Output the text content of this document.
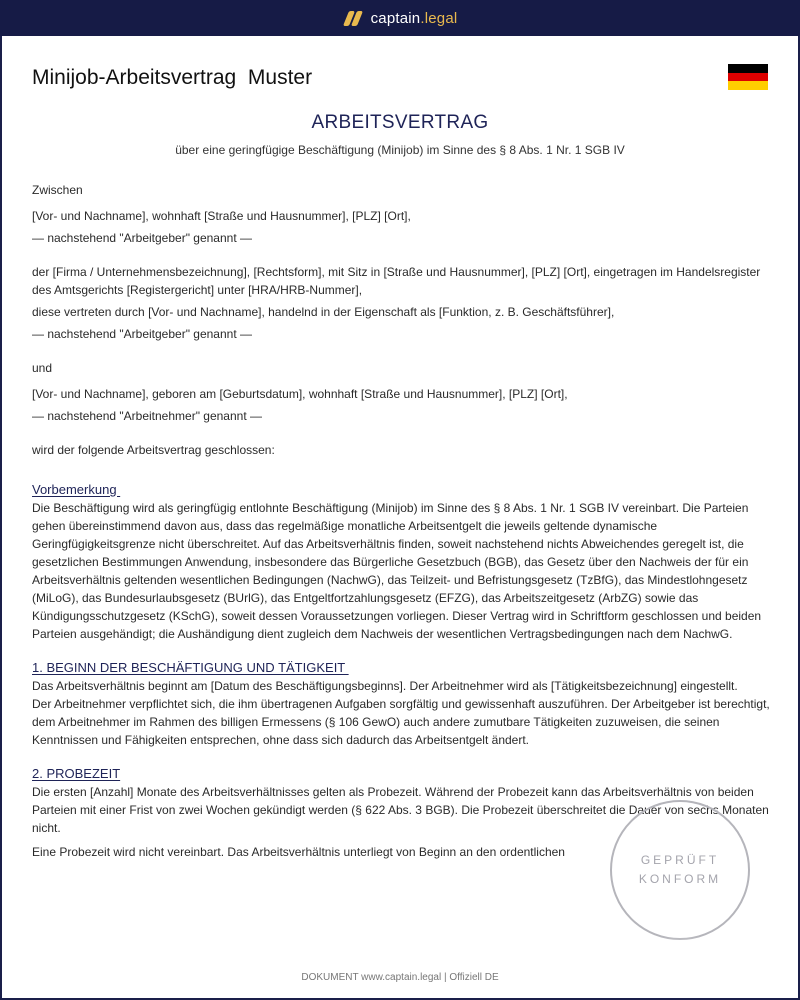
captain.legal
Minijob-Arbeitsvertrag  Muster
ARBEITSVERTRAG
über eine geringfügige Beschäftigung (Minijob) im Sinne des § 8 Abs. 1 Nr. 1 SGB IV

Zwischen

[Vor- und Nachname], wohnhaft [Straße und Hausnummer], [PLZ] [Ort],

— nachstehend "Arbeitgeber" genannt —

der [Firma / Unternehmensbezeichnung], [Rechtsform], mit Sitz in [Straße und Hausnummer], [PLZ] [Ort], eingetragen im Handelsregister des Amtsgerichts [Registergericht] unter [HRA/HRB-Nummer],

diese vertreten durch [Vor- und Nachname], handelnd in der Eigenschaft als [Funktion, z. B. Geschäftsführer],

— nachstehend "Arbeitgeber" genannt —

und

[Vor- und Nachname], geboren am [Geburtsdatum], wohnhaft [Straße und Hausnummer], [PLZ] [Ort],

— nachstehend "Arbeitnehmer" genannt —

wird der folgende Arbeitsvertrag geschlossen:

Vorbemerkung

Die Beschäftigung wird als geringfügig entlohnte Beschäftigung (Minijob) im Sinne des § 8 Abs. 1 Nr. 1 SGB IV vereinbart. Die Parteien gehen übereinstimmend davon aus, dass das regelmäßige monatliche Arbeitsentgelt die jeweils geltende dynamische Geringfügigkeitsgrenze nicht überschreitet. Auf das Arbeitsverhältnis finden, soweit nachstehend nichts Abweichendes geregelt ist, die gesetzlichen Bestimmungen Anwendung, insbesondere das Bürgerliche Gesetzbuch (BGB), das Gesetz über den Nachweis der für ein Arbeitsverhältnis geltenden wesentlichen Bedingungen (NachwG), das Teilzeit- und Befristungsgesetz (TzBfG), das Mindestlohngesetz (MiLoG), das Bundesurlaubsgesetz (BUrlG), das Entgeltfortzahlungsgesetz (EFZG), das Arbeitszeitgesetz (ArbZG) sowie das Kündigungsschutzgesetz (KSchG), soweit dessen Voraussetzungen vorliegen. Dieser Vertrag wird in Schriftform geschlossen und beiden Parteien ausgehändigt; die Aushändigung dient zugleich dem Nachweis der wesentlichen Vertragsbedingungen nach dem NachwG.

1. BEGINN DER BESCHÄFTIGUNG UND TÄTIGKEIT

Das Arbeitsverhältnis beginnt am [Datum des Beschäftigungsbeginns]. Der Arbeitnehmer wird als [Tätigkeitsbezeichnung] eingestellt.

Der Arbeitnehmer verpflichtet sich, die ihm übertragenen Aufgaben sorgfältig und gewissenhaft auszuführen. Der Arbeitgeber ist berechtigt, dem Arbeitnehmer im Rahmen des billigen Ermessens (§ 106 GewO) auch andere zumutbare Tätigkeiten zuzuweisen, die seinen Kenntnissen und Fähigkeiten entsprechen, ohne dass sich dadurch das Arbeitsentgelt ändert.

2. PROBEZEIT

Die ersten [Anzahl] Monate des Arbeitsverhältnisses gelten als Probezeit. Während der Probezeit kann das Arbeitsverhältnis von beiden Parteien mit einer Frist von zwei Wochen gekündigt werden (§ 622 Abs. 3 BGB). Die Probezeit überschreitet die Dauer von sechs Monaten nicht.

Eine Probezeit wird nicht vereinbart. Das Arbeitsverhältnis unterliegt von Beginn an den ordentlichen

GEPRÜFT
KONFORM
DOKUMENT www.captain.legal | Offiziell DE
